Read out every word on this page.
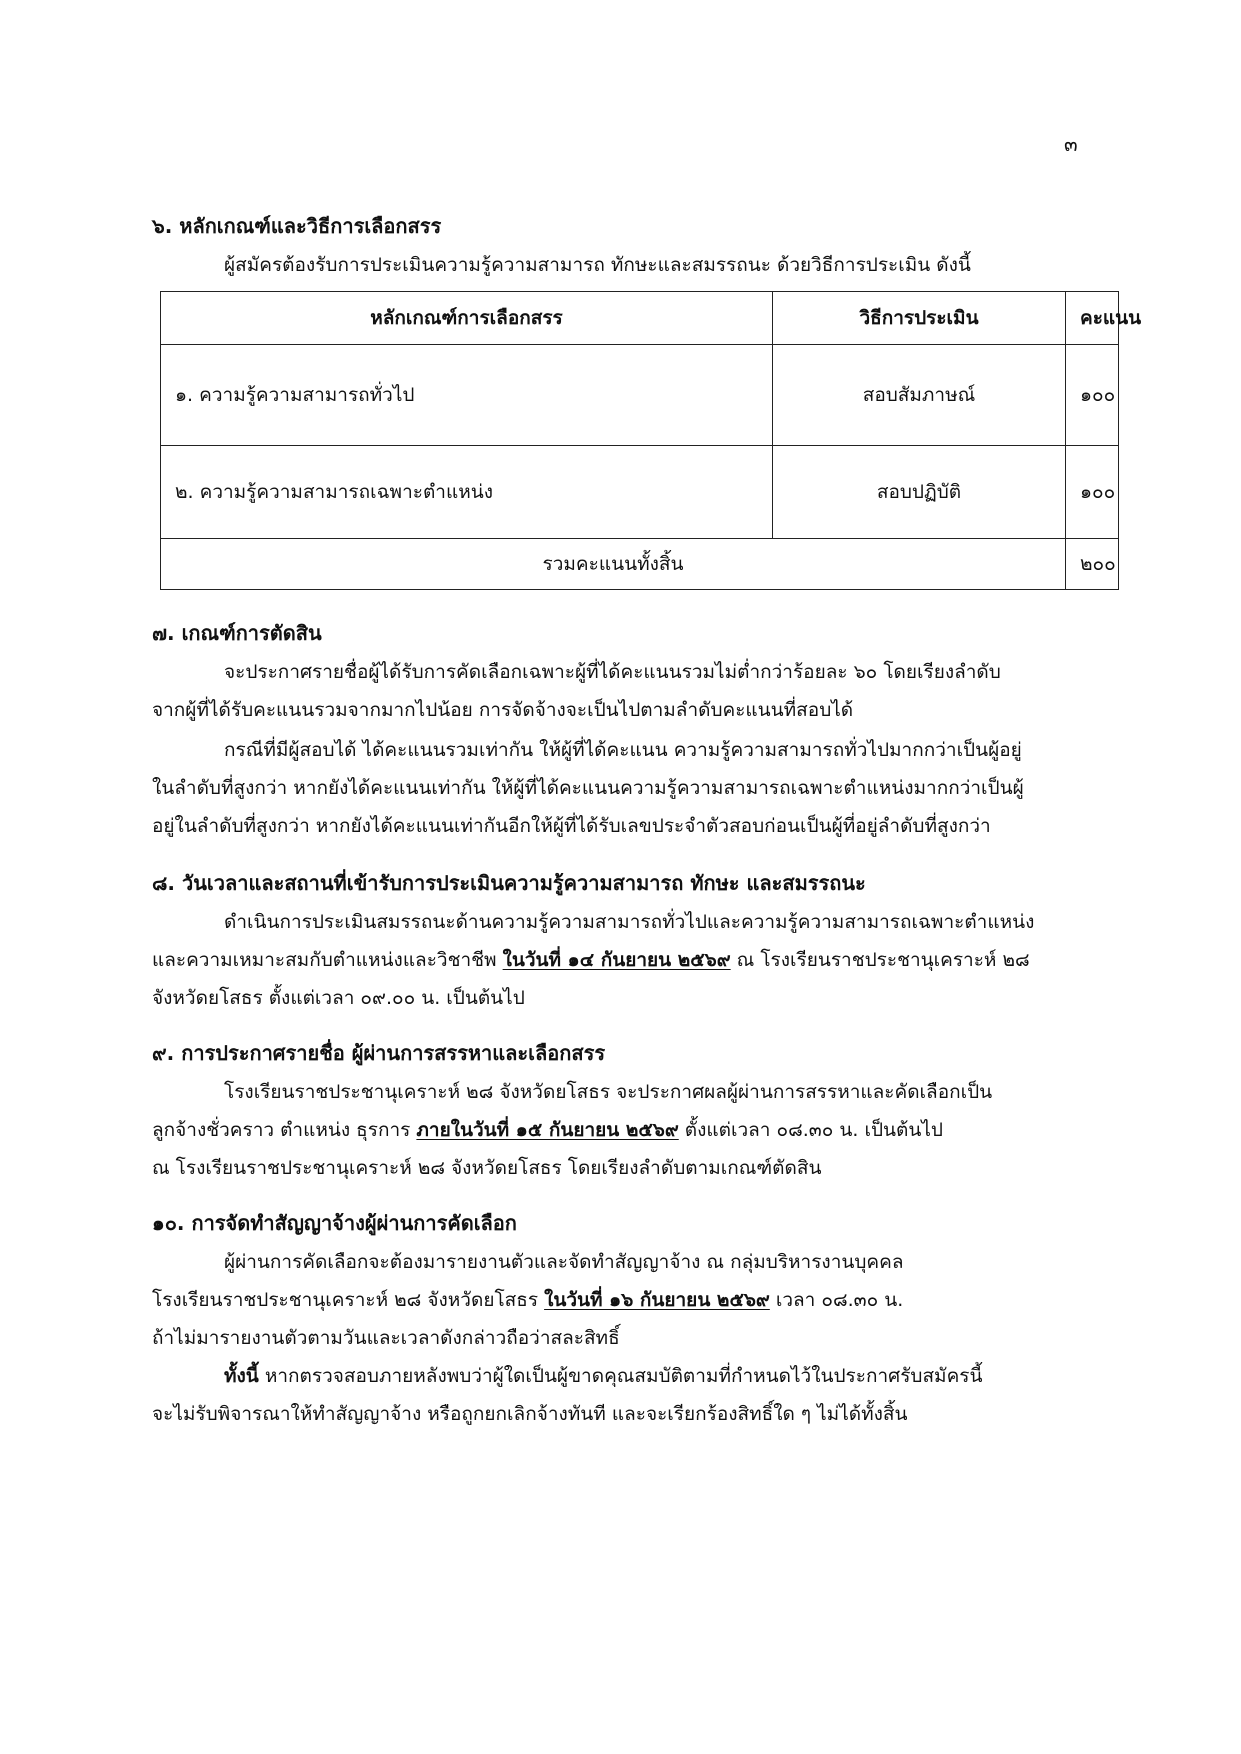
๓
๖. หลักเกณฑ์และวิธีการเลือกสรร
ผู้สมัครต้องรับการประเมินความรู้ความสามารถ ทักษะและสมรรถนะ ด้วยวิธีการประเมิน ดังนี้
หลักเกณฑ์การเลือกสรร	วิธีการประเมิน	คะแนน
๑. ความรู้ความสามารถทั่วไป	สอบสัมภาษณ์	๑๐๐
๒. ความรู้ความสามารถเฉพาะตำแหน่ง	สอบปฏิบัติ	๑๐๐
รวมคะแนนทั้งสิ้น		๒๐๐
๗. เกณฑ์การตัดสิน
จะประกาศรายชื่อผู้ได้รับการคัดเลือกเฉพาะผู้ที่ได้คะแนนรวมไม่ต่ำกว่าร้อยละ ๖๐ โดยเรียงลำดับ
จากผู้ที่ได้รับคะแนนรวมจากมากไปน้อย การจัดจ้างจะเป็นไปตามลำดับคะแนนที่สอบได้
กรณีที่มีผู้สอบได้ ได้คะแนนรวมเท่ากัน ให้ผู้ที่ได้คะแนน ความรู้ความสามารถทั่วไปมากกว่าเป็นผู้อยู่
ในลำดับที่สูงกว่า หากยังได้คะแนนเท่ากัน ให้ผู้ที่ได้คะแนนความรู้ความสามารถเฉพาะตำแหน่งมากกว่าเป็นผู้
อยู่ในลำดับที่สูงกว่า หากยังได้คะแนนเท่ากันอีกให้ผู้ที่ได้รับเลขประจำตัวสอบก่อนเป็นผู้ที่อยู่ลำดับที่สูงกว่า
๘. วันเวลาและสถานที่เข้ารับการประเมินความรู้ความสามารถ ทักษะ และสมรรถนะ
ดำเนินการประเมินสมรรถนะด้านความรู้ความสามารถทั่วไปและความรู้ความสามารถเฉพาะตำแหน่ง
และความเหมาะสมกับตำแหน่งและวิชาชีพ ในวันที่ ๑๔ กันยายน ๒๕๖๙ ณ โรงเรียนราชประชานุเคราะห์ ๒๘
จังหวัดยโสธร ตั้งแต่เวลา ๐๙.๐๐ น. เป็นต้นไป
๙. การประกาศรายชื่อ ผู้ผ่านการสรรหาและเลือกสรร
โรงเรียนราชประชานุเคราะห์ ๒๘ จังหวัดยโสธร จะประกาศผลผู้ผ่านการสรรหาและคัดเลือกเป็น
ลูกจ้างชั่วคราว ตำแหน่ง ธุรการ ภายในวันที่ ๑๕ กันยายน ๒๕๖๙ ตั้งแต่เวลา ๐๘.๓๐ น. เป็นต้นไป
ณ โรงเรียนราชประชานุเคราะห์ ๒๘ จังหวัดยโสธร โดยเรียงลำดับตามเกณฑ์ตัดสิน
๑๐. การจัดทำสัญญาจ้างผู้ผ่านการคัดเลือก
ผู้ผ่านการคัดเลือกจะต้องมารายงานตัวและจัดทำสัญญาจ้าง ณ กลุ่มบริหารงานบุคคล
โรงเรียนราชประชานุเคราะห์ ๒๘ จังหวัดยโสธร ในวันที่ ๑๖ กันยายน ๒๕๖๙ เวลา ๐๘.๓๐ น.
ถ้าไม่มารายงานตัวตามวันและเวลาดังกล่าวถือว่าสละสิทธิ์
ทั้งนี้ หากตรวจสอบภายหลังพบว่าผู้ใดเป็นผู้ขาดคุณสมบัติตามที่กำหนดไว้ในประกาศรับสมัครนี้
จะไม่รับพิจารณาให้ทำสัญญาจ้าง หรือถูกยกเลิกจ้างทันที และจะเรียกร้องสิทธิ์ใด ๆ ไม่ได้ทั้งสิ้น
